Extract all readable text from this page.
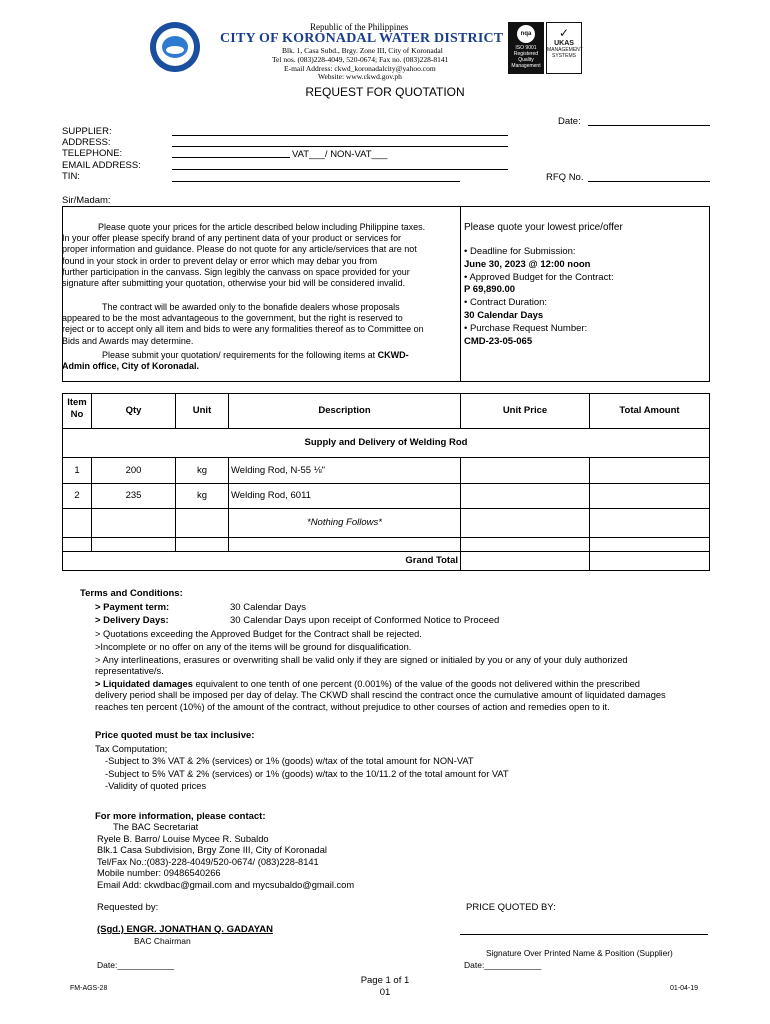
Republic of the Philippines
CITY OF KORONADAL WATER DISTRICT
Blk. 1, Casa Subd., Brgy. Zone III, City of Koronadal
Tel nos. (083)228-4049, 520-0674; Fax no. (083)228-8141
E-mail Address: ckwd_koronadalcity@yahoo.com
Website: www.ckwd.gov.ph
nqa
ISO 9001
Registered
Quality
Management
✓
UKAS
MANAGEMENT
SYSTEMS
REQUEST FOR QUOTATION
Date:
SUPPLIER:
ADDRESS:
TELEPHONE:
EMAIL ADDRESS:
TIN:
VAT___/ NON-VAT___
RFQ No.
Sir/Madam:
Please quote your prices for the article described below including Philippine taxes.
In your offer please specify brand of any pertinent data of your product or services for
proper information and guidance. Please do not quote for any article/services that are not
found in your stock in order to prevent delay or error which may debar you from
further participation in the canvass. Sign legibly the canvass on space provided for your
signature after submitting your quotation, otherwise your bid will be considered invalid.
The contract will be awarded only to the bonafide dealers whose proposals
appeared to be the most advantageous to the government, but the right is reserved to
reject or to accept only all item and bids to were any formalities thereof as to Committee on
Bids and Awards may determine.
Please submit your quotation/ requirements for the following items at CKWD-
Admin office, City of Koronadal.
Please quote your lowest price/offer
• Deadline for Submission:
June 30, 2023 @ 12:00 noon
• Approved Budget for the Contract:
P 69,890.00
• Contract Duration:
30 Calendar Days
• Purchase Request Number:
CMD-23-05-065
Item No	Qty	Unit	Description	Unit Price	Total Amount
Supply and Delivery of Welding Rod
1	200	kg	Welding Rod, N-55 ⅛"
2	235	kg	Welding Rod, 6011
*Nothing Follows*
Grand Total
Terms and Conditions:
> Payment term:	30 Calendar Days
> Delivery Days:	30 Calendar Days upon receipt of Conformed Notice to Proceed
> Quotations exceeding the Approved Budget for the Contract shall be rejected.
>Incomplete or no offer on any of the items will be ground for disqualification.
> Any interlineations, erasures or overwriting shall be valid only if they are signed or initialed by you or any of your duly authorized
representative/s.
> Liquidated damages equivalent to one tenth of one percent (0.001%) of the value of the goods not delivered within the prescribed
delivery period shall be imposed per day of delay. The CKWD shall rescind the contract once the cumulative amount of liquidated damages
reaches ten percent (10%) of the amount of the contract, without prejudice to other courses of action and remedies open to it.
Price quoted must be tax inclusive:
Tax Computation;
-Subject to 3% VAT & 2% (services) or 1% (goods) w/tax of the total amount for NON-VAT
-Subject to 5% VAT & 2% (services) or 1% (goods) w/tax to the 10/11.2 of the total amount for VAT
-Validity of quoted prices
For more information, please contact:
The BAC Secretariat
Ryele B. Barro/ Louise Mycee R. Subaldo
Blk.1 Casa Subdivision, Brgy Zone III, City of Koronadal
Tel/Fax No.:(083)-228-4049/520-0674/ (083)228-8141
Mobile number: 09486540266
Email Add: ckwdbac@gmail.com and mycsubaldo@gmail.com
Requested by:	PRICE QUOTED BY:
(Sgd.) ENGR. JONATHAN Q. GADAYAN
BAC Chairman
Signature Over Printed Name & Position (Supplier)
Date:____________	Date:____________
FM-AGS-28
Page 1 of 1
01	01-04-19
